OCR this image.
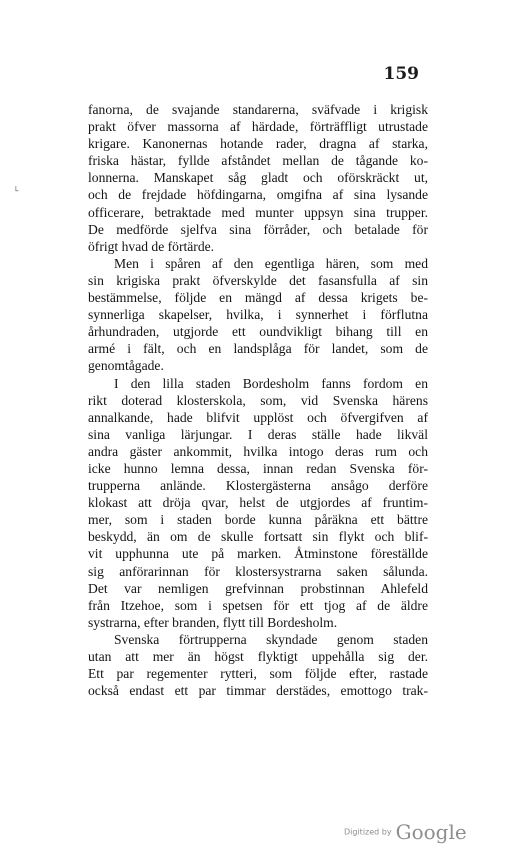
159
˪
fanorna, de svajande standarerna, sväfvade i krigisk
prakt öfver massorna af härdade, förträffligt utrustade
krigare. Kanonernas hotande rader, dragna af starka,
friska hästar, fyllde afståndet mellan de tågande ko-
lonnerna. Manskapet såg gladt och oförskräckt ut,
och de frejdade höfdingarna, omgifna af sina lysande
officerare, betraktade med munter uppsyn sina trupper.
De medförde sjelfva sina förråder, och betalade för
öfrigt hvad de förtärde.
Men i spåren af den egentliga hären, som med
sin krigiska prakt öfverskylde det fasansfulla af sin
bestämmelse, följde en mängd af dessa krigets be-
synnerliga skapelser, hvilka, i synnerhet i förflutna
århundraden, utgjorde ett oundvikligt bihang till en
armé i fält, och en landsplåga för landet, som de
genomtågade.
I den lilla staden Bordesholm fanns fordom en
rikt doterad klosterskola, som, vid Svenska härens
annalkande, hade blifvit upplöst och öfvergifven af
sina vanliga lärjungar. I deras ställe hade likväl
andra gäster ankommit, hvilka intogo deras rum och
icke hunno lemna dessa, innan redan Svenska för-
trupperna anlände. Klostergästerna ansågo derföre
klokast att dröja qvar, helst de utgjordes af fruntim-
mer, som i staden borde kunna påräkna ett bättre
beskydd, än om de skulle fortsatt sin flykt och blif-
vit upphunna ute på marken. Åtminstone föreställde
sig anförarinnan för klostersystrarna saken sålunda.
Det var nemligen grefvinnan probstinnan Ahlefeld
från Itzehoe, som i spetsen för ett tjog af de äldre
systrarna, efter branden, flytt till Bordesholm.
Svenska förtrupperna skyndade genom staden
utan att mer än högst flyktigt uppehålla sig der.
Ett par regementer rytteri, som följde efter, rastade
också endast ett par timmar derstädes, emottogo trak-
Digitized by Google
